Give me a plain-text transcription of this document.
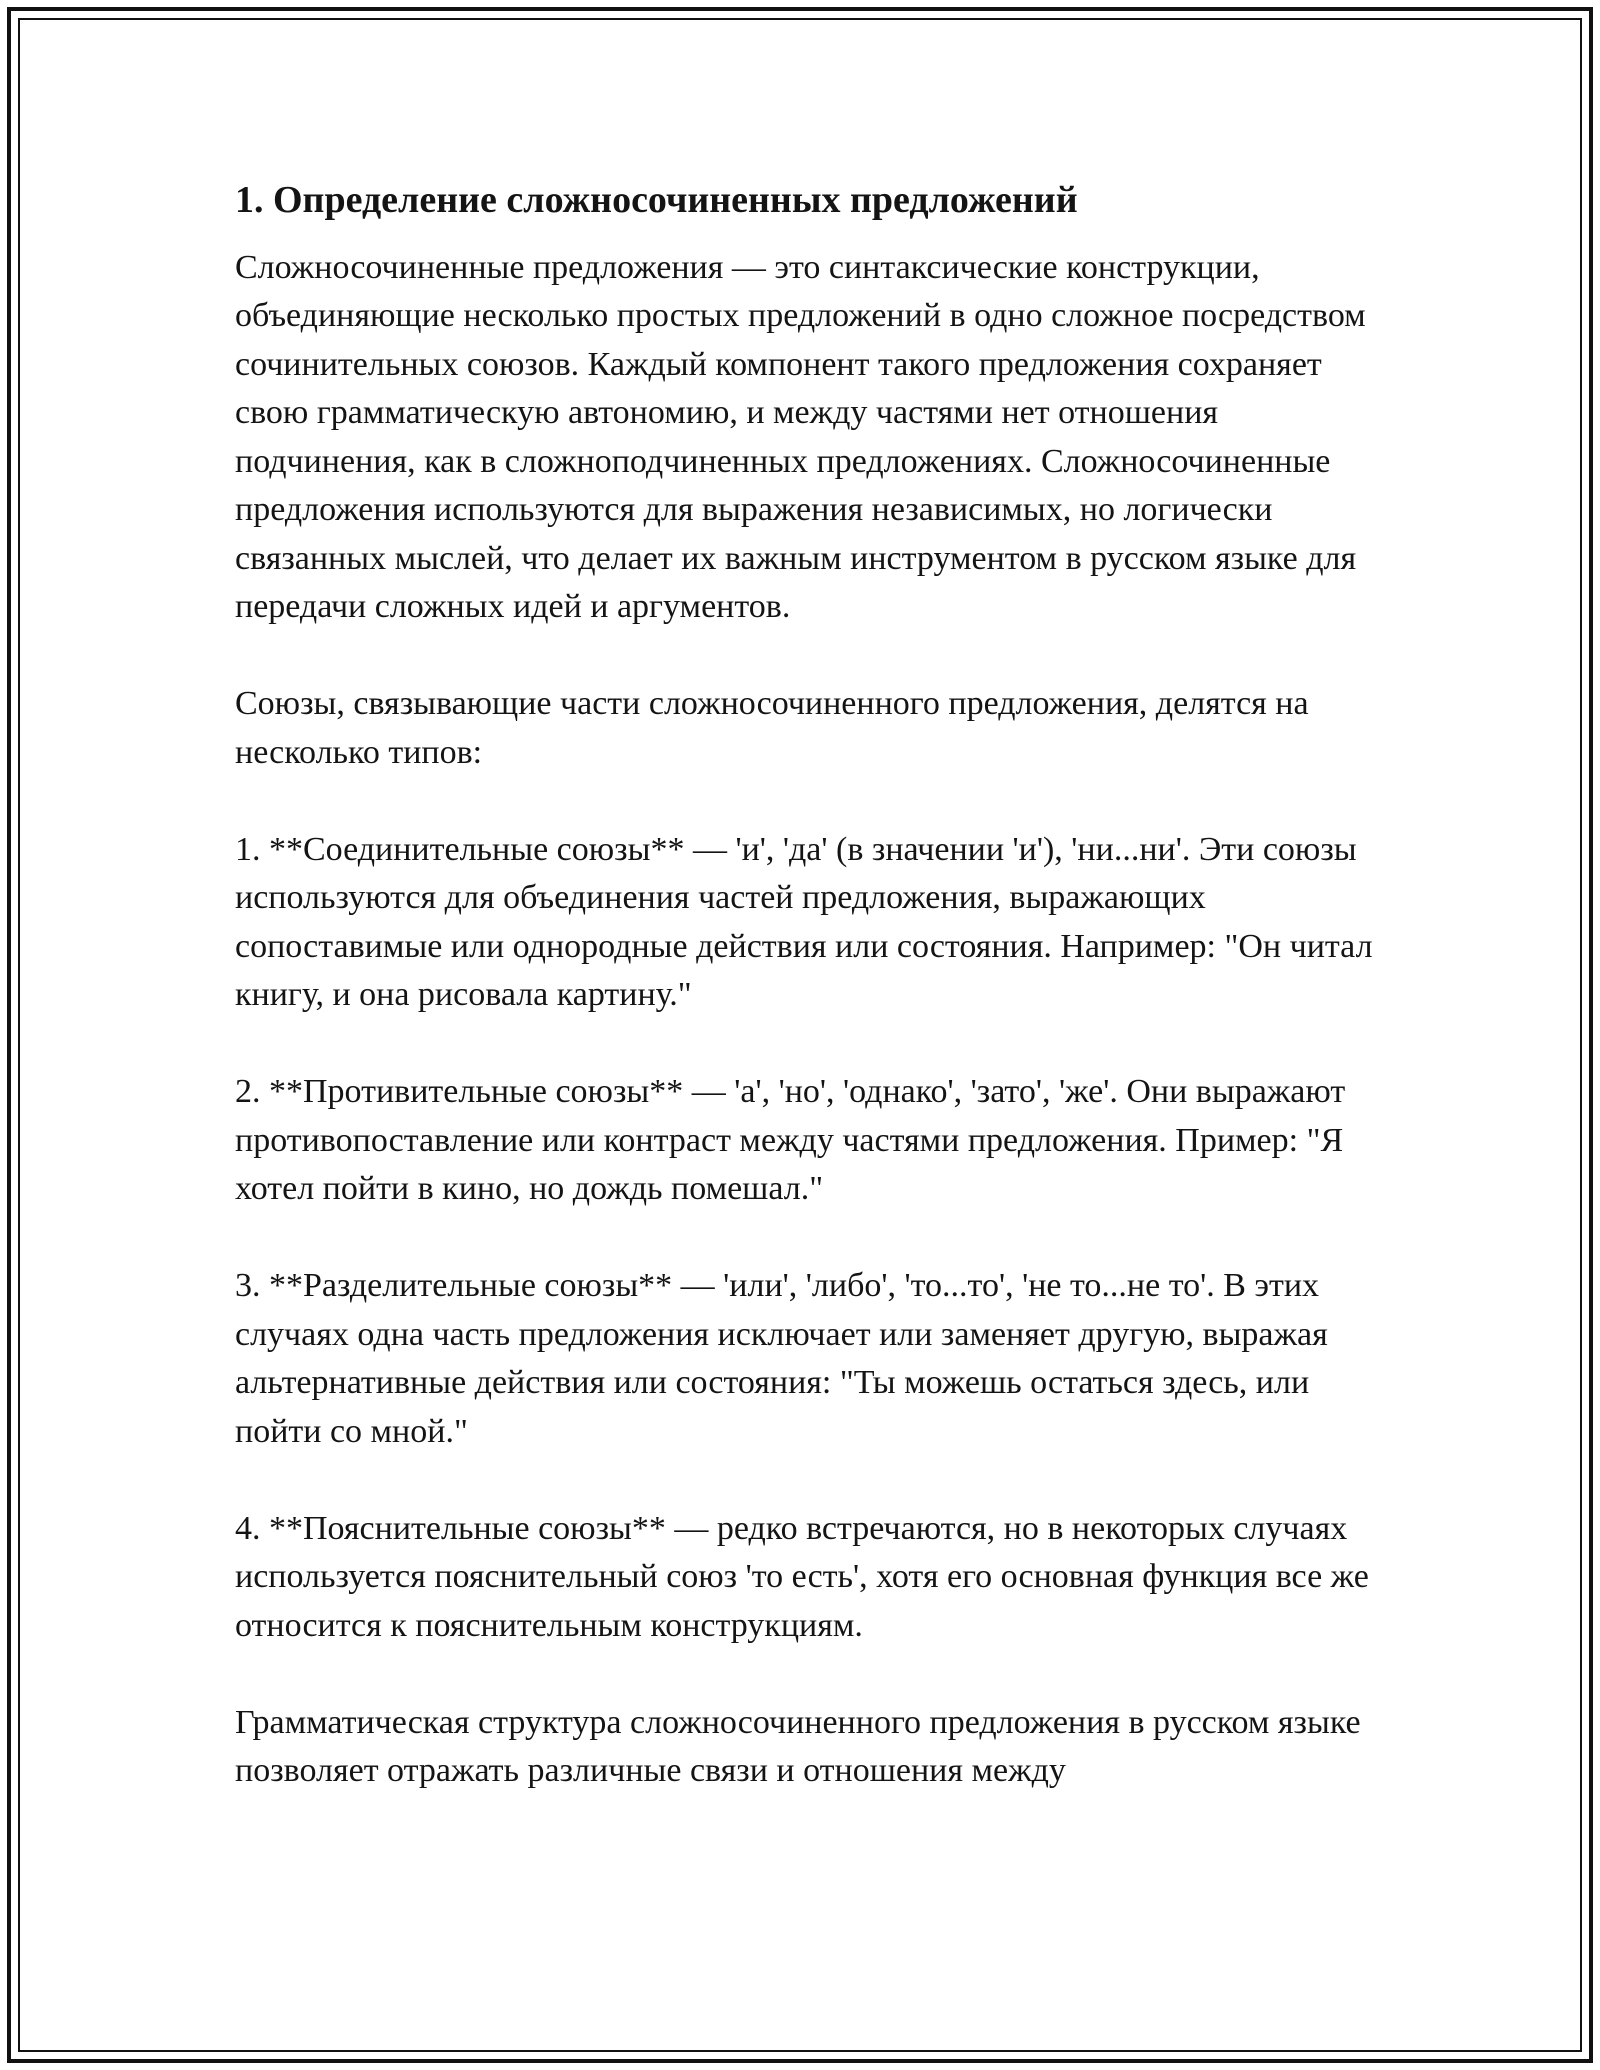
1. Определение сложносочиненных предложений

Сложносочиненные предложения — это синтаксические конструкции, объединяющие несколько простых предложений в одно сложное посредством сочинительных союзов. Каждый компонент такого предложения сохраняет свою грамматическую автономию, и между частями нет отношения подчинения, как в сложноподчиненных предложениях. Сложносочиненные предложения используются для выражения независимых, но логически связанных мыслей, что делает их важным инструментом в русском языке для передачи сложных идей и аргументов.

Союзы, связывающие части сложносочиненного предложения, делятся на несколько типов:

1. **Соединительные союзы** — 'и', 'да' (в значении 'и'), 'ни...ни'. Эти союзы используются для объединения частей предложения, выражающих сопоставимые или однородные действия или состояния. Например: "Он читал книгу, и она рисовала картину."

2. **Противительные союзы** — 'а', 'но', 'однако', 'зато', 'же'. Они выражают противопоставление или контраст между частями предложения. Пример: "Я хотел пойти в кино, но дождь помешал."

3. **Разделительные союзы** — 'или', 'либо', 'то...то', 'не то...не то'. В этих случаях одна часть предложения исключает или заменяет другую, выражая альтернативные действия или состояния: "Ты можешь остаться здесь, или пойти со мной."

4. **Пояснительные союзы** — редко встречаются, но в некоторых случаях используется пояснительный союз 'то есть', хотя его основная функция все же относится к пояснительным конструкциям.

Грамматическая структура сложносочиненного предложения в русском языке позволяет отражать различные связи и отношения между
